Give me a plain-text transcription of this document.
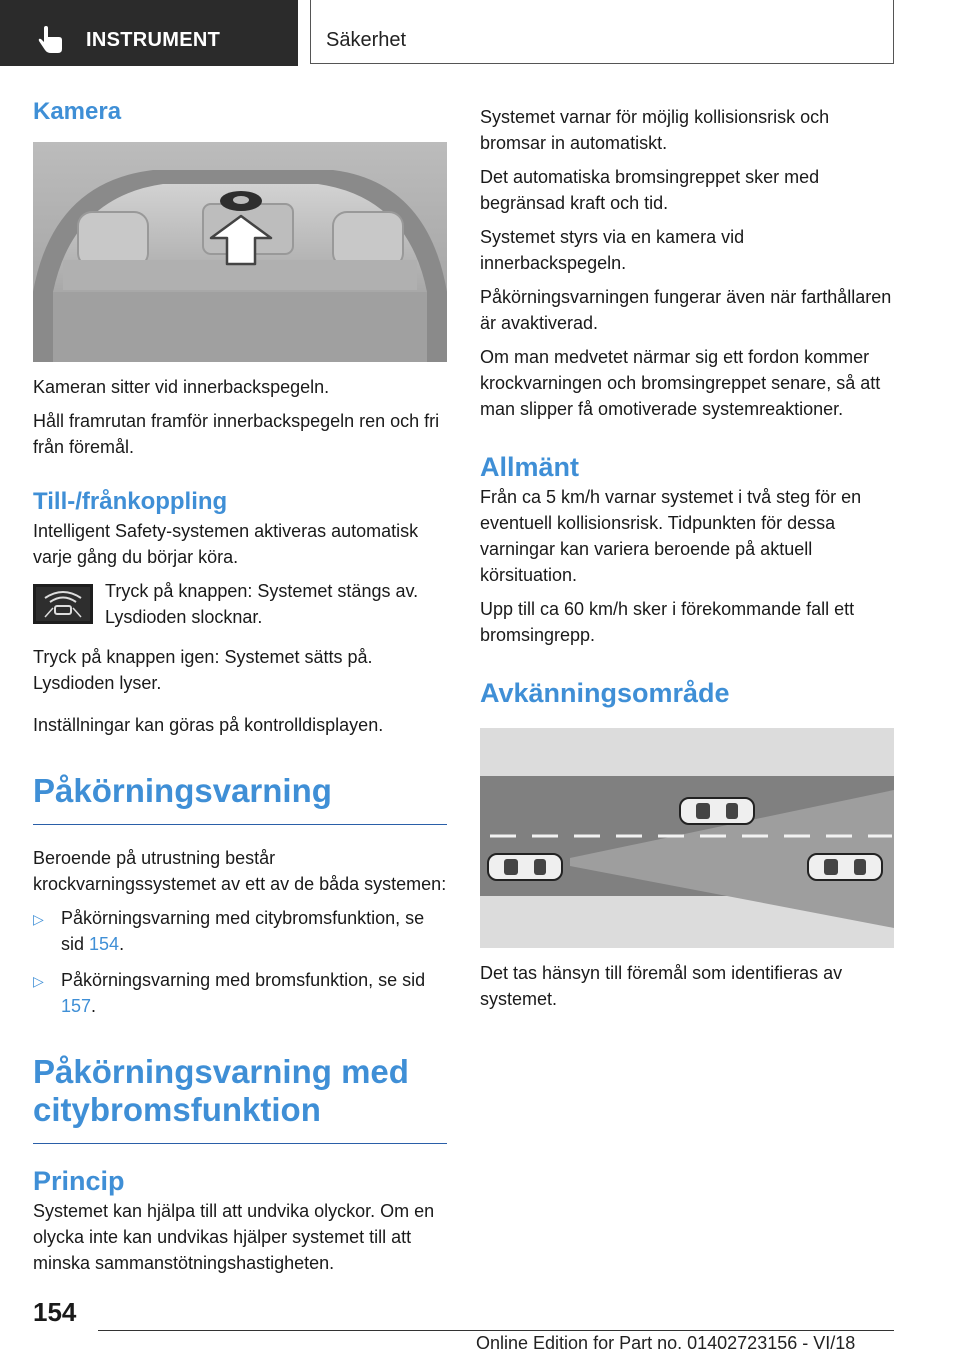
INSTRUMENT	Säkerhet
Kamera

Kameran sitter vid innerbackspegeln.

Håll framrutan framför innerbackspegeln ren och fri från föremål.

Till-/frånkoppling

Intelligent Safety-systemen aktiveras automatisk varje gång du börjar köra.

Tryck på knappen: Systemet stängs av. Lysdioden slocknar.

Tryck på knappen igen: Systemet sätts på. Lysdioden lyser.

Inställningar kan göras på kontrolldisplayen.

Påkörningsvarning

Beroende på utrustning består krockvarningssystemet av ett av de båda systemen:

▷ Påkörningsvarning med citybromsfunktion, se sid 154.
▷ Påkörningsvarning med bromsfunktion, se sid 157.
Påkörningsvarning med citybromsfunktion
Princip

Systemet kan hjälpa till att undvika olyckor. Om en olycka inte kan undvikas hjälper systemet till att minska sammanstötningshastigheten.

Systemet varnar för möjlig kollisionsrisk och bromsar in automatiskt.

Det automatiska bromsingreppet sker med begränsad kraft och tid.

Systemet styrs via en kamera vid innerbackspegeln.

Påkörningsvarningen fungerar även när farthållaren är avaktiverad.

Om man medvetet närmar sig ett fordon kommer krockvarningen och bromsingreppet senare, så att man slipper få omotiverade systemreaktioner.

Allmänt

Från ca 5 km/h varnar systemet i två steg för en eventuell kollisionsrisk. Tidpunkten för dessa varningar kan variera beroende på aktuell körsituation.

Upp till ca 60 km/h sker i förekommande fall ett bromsingrepp.

Avkänningsområde

Det tas hänsyn till föremål som identifieras av systemet.

154
Online Edition for Part no. 01402723156 - VI/18
